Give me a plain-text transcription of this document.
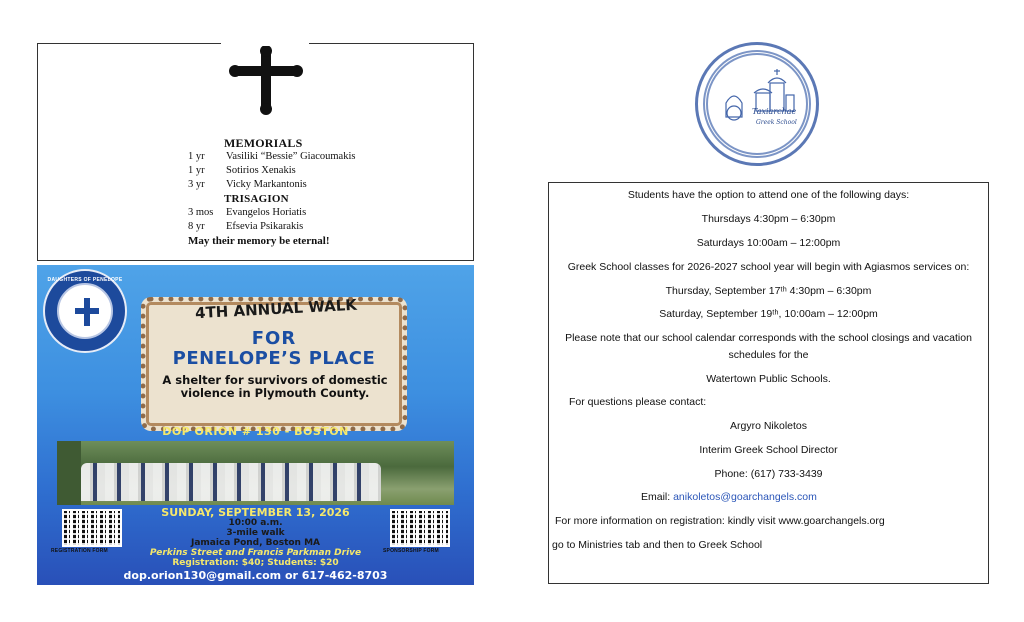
MEMORIALS
1 yr	Vasiliki “Bessie” Giacoumakis
1 yr	Sotirios Xenakis
3 yr	Vicky Markantonis
TRISAGION
3 mos	Evangelos Horiatis
8 yr	Efsevia Psikarakis
May their memory be eternal!
DAUGHTERS OF PENELOPE
4TH ANNUAL WALK
FOR
PENELOPE’S PLACE
A shelter for survivors of domestic violence in Plymouth County.
DOP ORION # 130 - BOSTON
REGISTRATION FORM	SPONSORSHIP FORM
SUNDAY, SEPTEMBER 13, 2026
10:00 a.m.
3-mile walk
Jamaica Pond, Boston MA
Perkins Street and Francis Parkman Drive
Registration: $40; Students: $20
dop.orion130@gmail.com or 617-462-8703
Taxiarchae
Greek School
Students have the option to attend one of the following days:
Thursdays 4:30pm – 6:30pm
Saturdays 10:00am – 12:00pm
Greek School classes for 2026-2027 school year will begin with Agiasmos services on:
Thursday, September 17ᵗʰ 4:30pm – 6:30pm
Saturday, September 19ᵗʰ, 10:00am – 12:00pm
Please note that our school calendar corresponds with the school closings and vacation
schedules for the
Watertown Public Schools.
For questions please contact:
Argyro Nikoletos
Interim Greek School Director
Phone: (617) 733-3439
Email: anikoletos@goarchangels.com
For more information on registration: kindly visit www.goarchangels.org
go to Ministries tab and then to Greek School
